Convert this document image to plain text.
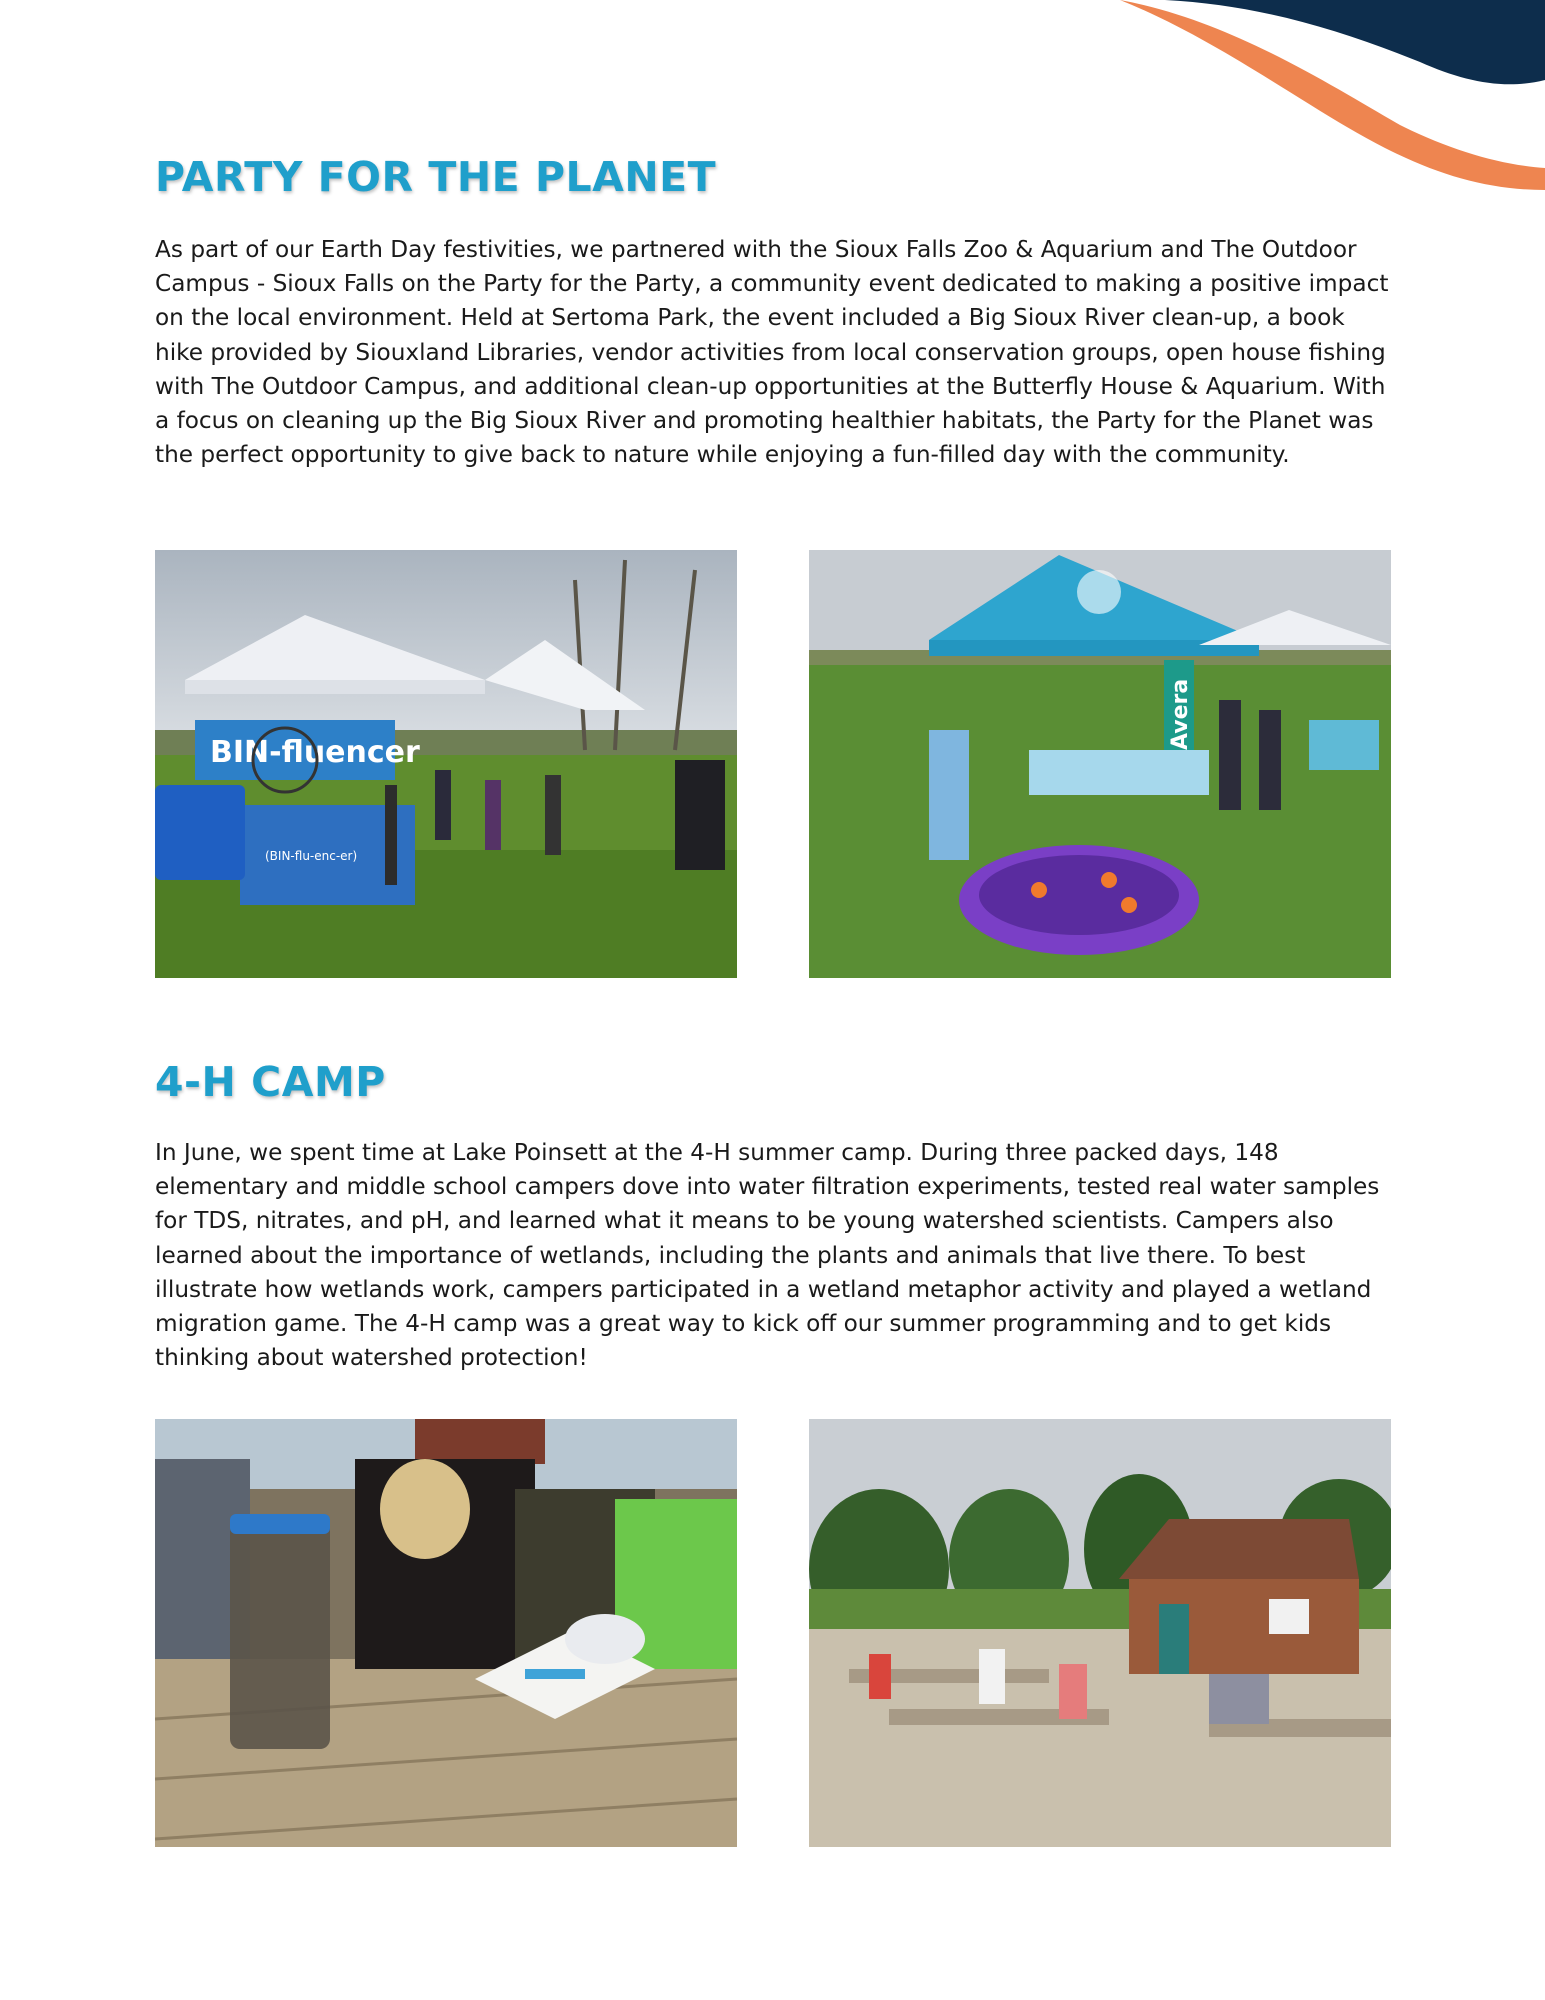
PARTY FOR THE PLANET

As part of our Earth Day festivities, we partnered with the Sioux Falls Zoo & Aquarium and The Outdoor Campus - Sioux Falls on the Party for the Party, a community event dedicated to making a positive impact on the local environment. Held at Sertoma Park, the event included a Big Sioux River clean-up, a book hike provided by Siouxland Libraries, vendor activities from local conservation groups, open house fishing with The Outdoor Campus, and additional clean-up opportunities at the Butterfly House & Aquarium. With a focus on cleaning up the Big Sioux River and promoting healthier habitats, the Party for the Planet was the perfect opportunity to give back to nature while enjoying a fun-filled day with the community.

BIN-fluencer
(BIN-flu-enc-er)
Avera
4-H CAMP

In June, we spent time at Lake Poinsett at the 4-H summer camp. During three packed days, 148 elementary and middle school campers dove into water filtration experiments, tested real water samples for TDS, nitrates, and pH, and learned what it means to be young watershed scientists. Campers also learned about the importance of wetlands, including the plants and animals that live there. To best illustrate how wetlands work, campers participated in a wetland metaphor activity and played a wetland migration game. The 4-H camp was a great way to kick off our summer programming and to get kids thinking about watershed protection!
